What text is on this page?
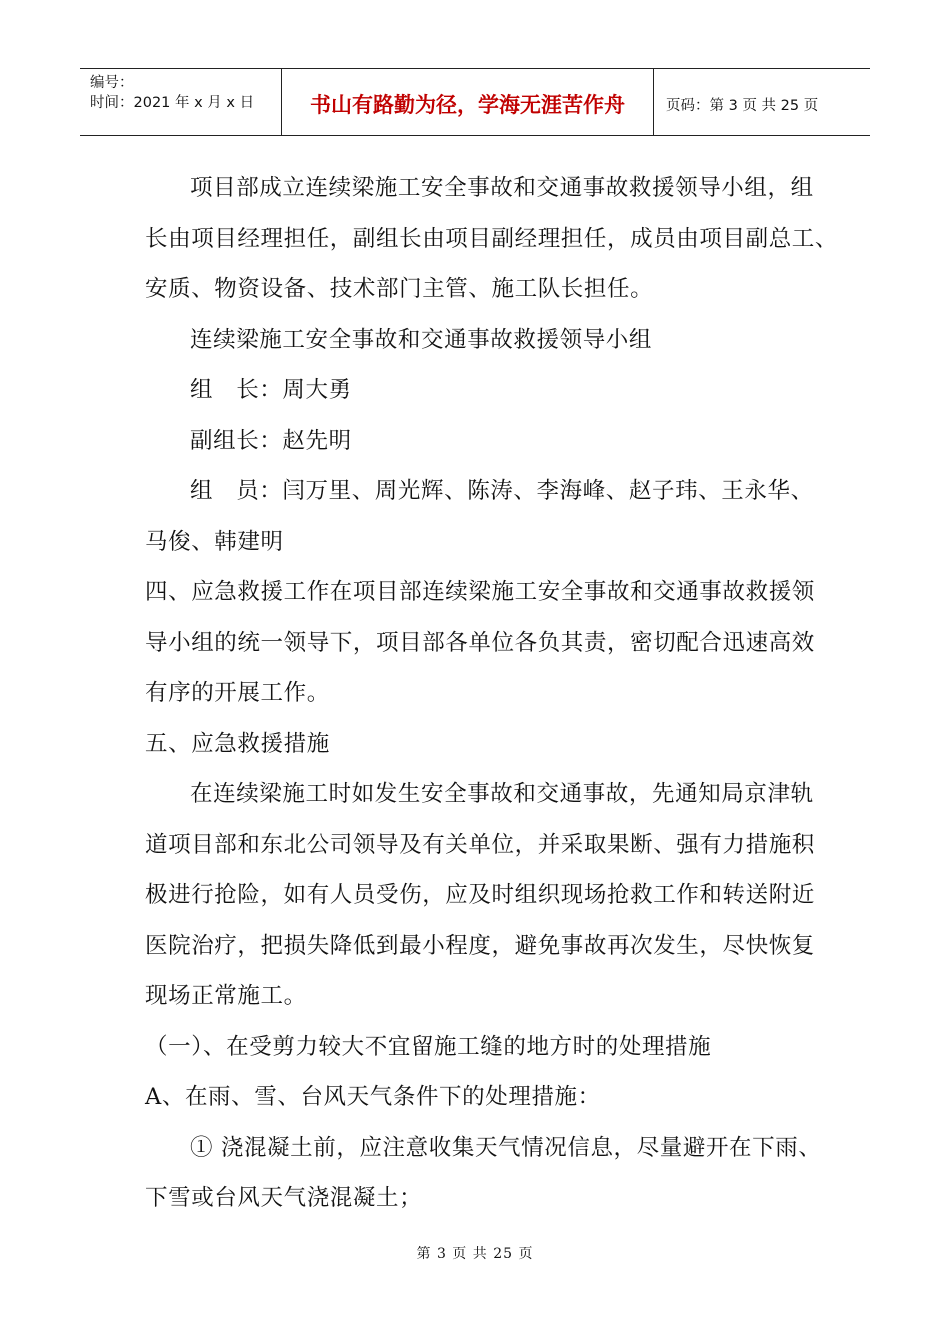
编号：
时间：2021 年 x 月 x 日	书山有路勤为径，学海无涯苦作舟	页码：第 3 页 共 25 页
项目部成立连续梁施工安全事故和交通事故救援领导小组，组
长由项目经理担任，副组长由项目副经理担任，成员由项目副总工、
安质、物资设备、技术部门主管、施工队长担任。
连续梁施工安全事故和交通事故救援领导小组
组　长：周大勇
副组长：赵先明
组　员：闫万里、周光辉、陈涛、李海峰、赵子玮、王永华、
马俊、韩建明
四、应急救援工作在项目部连续梁施工安全事故和交通事故救援领
导小组的统一领导下，项目部各单位各负其责，密切配合迅速高效
有序的开展工作。
五、应急救援措施
在连续梁施工时如发生安全事故和交通事故，先通知局京津轨
道项目部和东北公司领导及有关单位，并采取果断、强有力措施积
极进行抢险，如有人员受伤，应及时组织现场抢救工作和转送附近
医院治疗，把损失降低到最小程度，避免事故再次发生，尽快恢复
现场正常施工。
（一）、在受剪力较大不宜留施工缝的地方时的处理措施
A、在雨、雪、台风天气条件下的处理措施：
① 浇混凝土前，应注意收集天气情况信息，尽量避开在下雨、
下雪或台风天气浇混凝土；
第 3 页 共 25 页
